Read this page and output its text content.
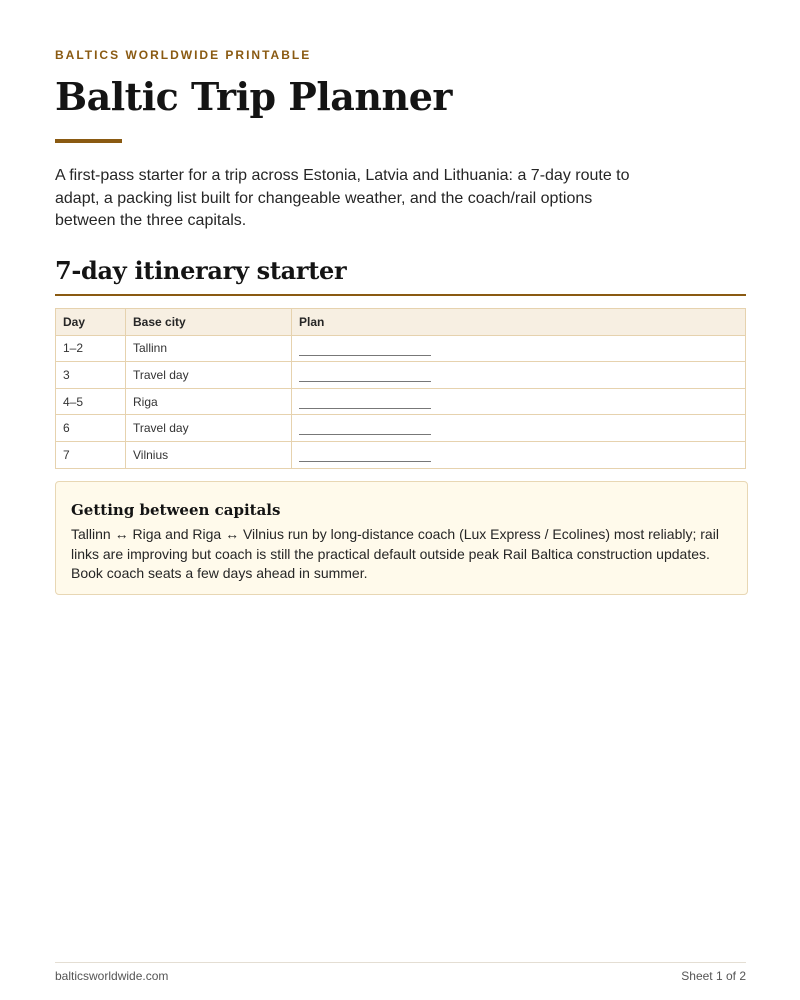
BALTICS WORLDWIDE PRINTABLE
Baltic Trip Planner

A first-pass starter for a trip across Estonia, Latvia and Lithuania: a 7-day route to adapt, a packing list built for changeable weather, and the coach/rail options between the three capitals.

7-day itinerary starter
Day	Base city	Plan
1–2	Tallinn	
3	Travel day	
4–5	Riga	
6	Travel day	
7	Vilnius	
Getting between capitals

Tallinn ↔ Riga and Riga ↔ Vilnius run by long-distance coach (Lux Express / Ecolines) most reliably; rail links are improving but coach is still the practical default outside peak Rail Baltica construction updates. Book coach seats a few days ahead in summer.

balticsworldwide.com	Sheet 1 of 2
